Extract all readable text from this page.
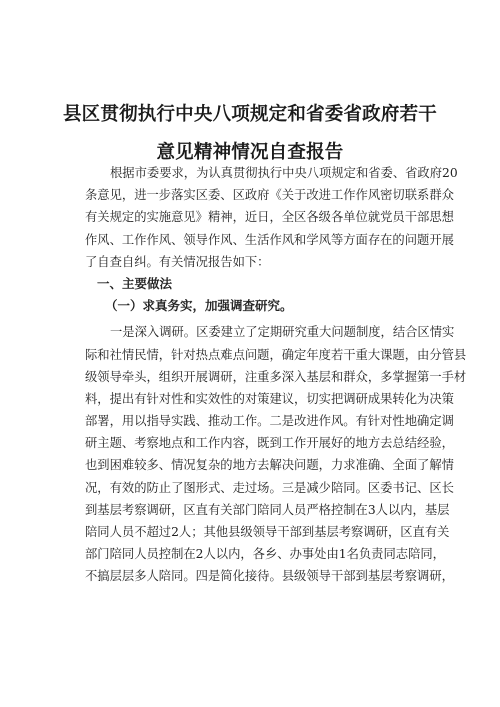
县区贯彻执行中央八项规定和省委省政府若干
意见精神情况自查报告
根据市委要求，为认真贯彻执行中央八项规定和省委、省政府20
条意见，进一步落实区委、区政府《关于改进工作作风密切联系群众
有关规定的实施意见》精神，近日，全区各级各单位就党员干部思想
作风、工作作风、领导作风、生活作风和学风等方面存在的问题开展
了自查自纠。有关情况报告如下：
一、主要做法
（一）求真务实，加强调查研究。
一是深入调研。区委建立了定期研究重大问题制度，结合区情实
际和社情民情，针对热点难点问题，确定年度若干重大课题，由分管县
级领导牵头，组织开展调研，注重多深入基层和群众，多掌握第一手材
料，提出有针对性和实效性的对策建议，切实把调研成果转化为决策
部署，用以指导实践、推动工作。二是改进作风。有针对性地确定调
研主题、考察地点和工作内容，既到工作开展好的地方去总结经验，
也到困难较多、情况复杂的地方去解决问题，力求准确、全面了解情
况，有效的防止了图形式、走过场。三是减少陪同。区委书记、区长
到基层考察调研，区直有关部门陪同人员严格控制在3人以内，基层
陪同人员不超过2人；其他县级领导干部到基层考察调研，区直有关
部门陪同人员控制在2人以内，各乡、办事处由1名负责同志陪同，
不搞层层多人陪同。四是简化接待。县级领导干部到基层考察调研，
